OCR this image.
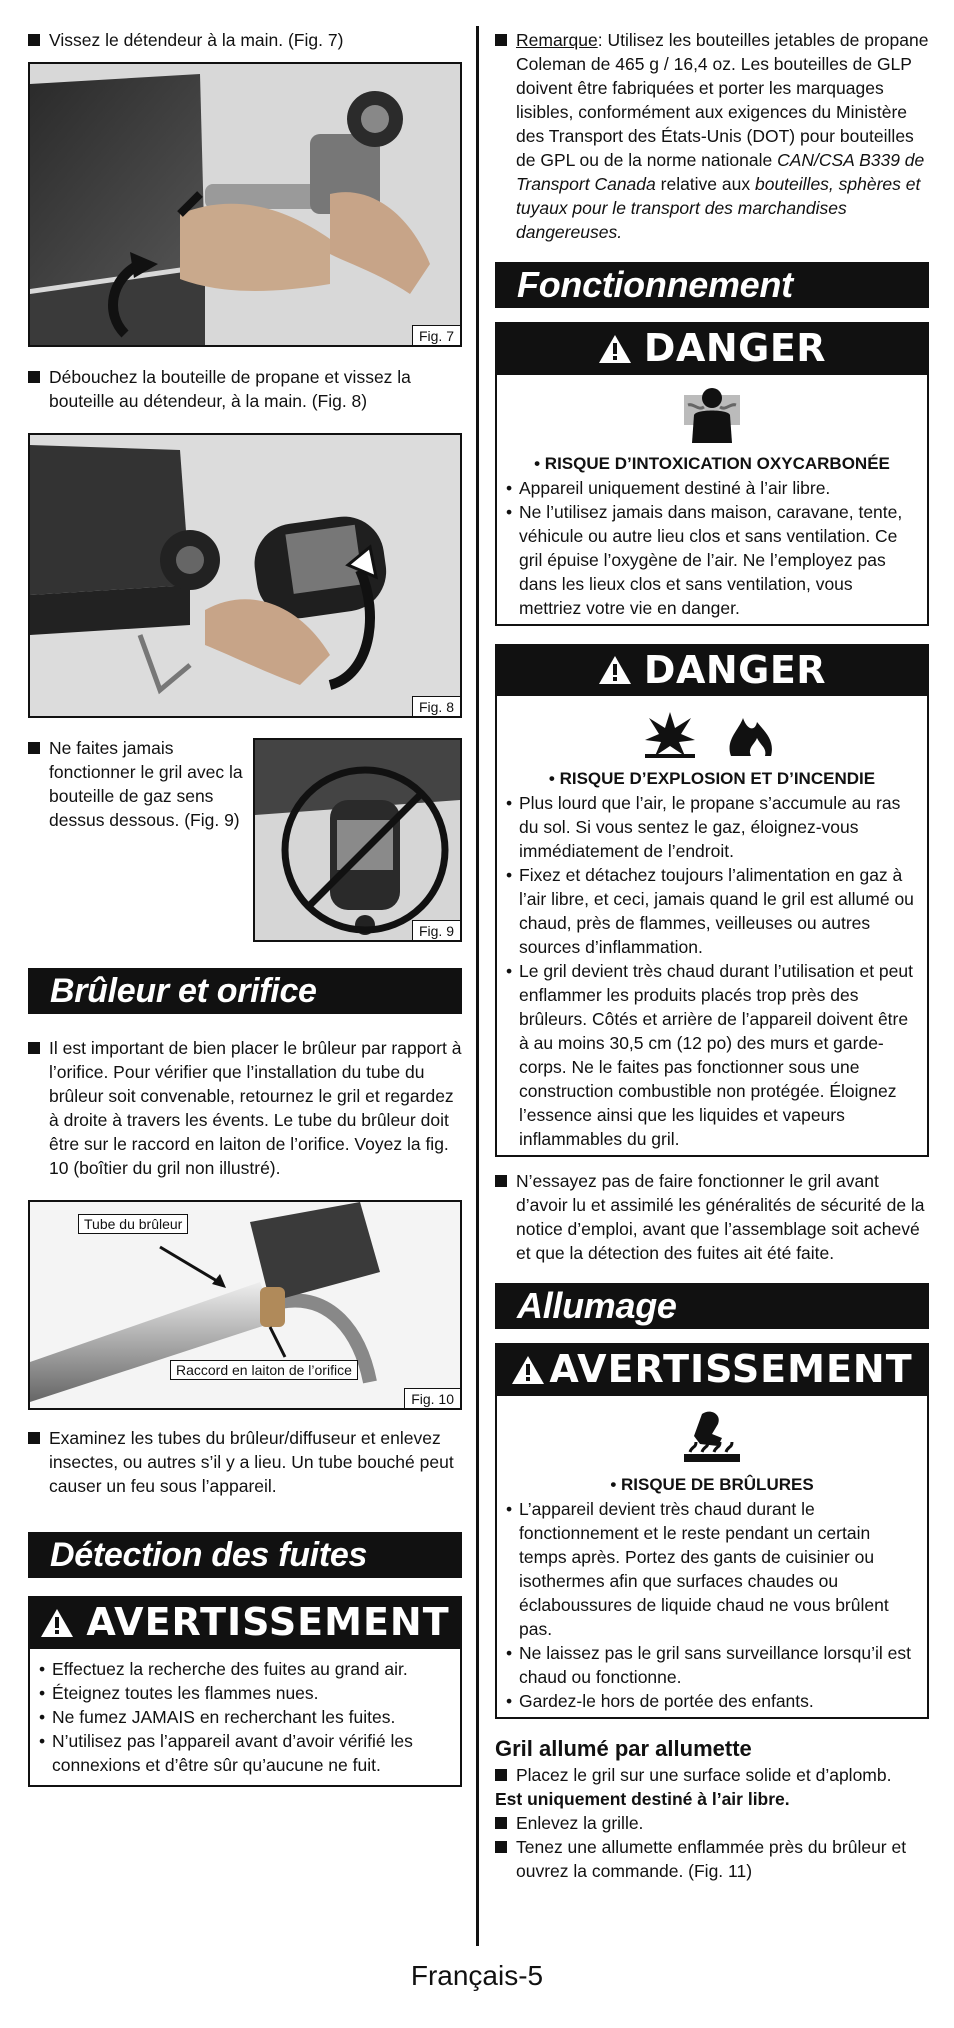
Vissez le détendeur à la main. (Fig. 7)

Fig. 7

Débouchez la bouteille de propane et vissez la bouteille au détendeur, à la main. (Fig. 8)

Fig. 8

Ne faites jamais fonctionner le gril avec la bouteille de gaz sens dessus dessous. (Fig. 9)

Fig. 9
Brûleur et orifice

Il est important de bien placer le brûleur par rapport à l’orifice. Pour vérifier que l’installation du tube du brûleur soit convenable, retournez le gril et regardez à droite à travers les évents. Le tube du brûleur doit être sur le raccord en laiton de l’orifice. Voyez la fig. 10 (boîtier du gril non illustré).

Tube du brûleur
Raccord en laiton de l’orifice
Fig. 10

Examinez les tubes du brûleur/diffuseur et enlevez insectes, ou autres s’il y a lieu. Un tube bouché peut causer un feu sous l’appareil.

Détection des fuites
AVERTISSEMENT
• Effectuez la recherche des fuites au grand air.
• Éteignez toutes les flammes nues.
• Ne fumez JAMAIS en recherchant les fuites.
• N’utilisez pas l’appareil avant d’avoir vérifié les connexions et d’être sûr qu’aucune ne fuit.

Remarque: Utilisez les bouteilles jetables de propane Coleman de 465 g / 16,4 oz. Les bouteilles de GLP doivent être fabriquées et porter les marquages lisibles, conformément aux exigences du Ministère des Transport des États-Unis (DOT) pour bouteilles de GPL ou de la norme nationale CAN/CSA B339 de Transport Canada relative aux bouteilles, sphères et tuyaux pour le transport des marchandises dangereuses.

Fonctionnement
DANGER
• RISQUE D’INTOXICATION OXYCARBONÉE
• Appareil uniquement destiné à l’air libre.
• Ne l’utilisez jamais dans maison, caravane, tente, véhicule ou autre lieu clos et sans ventilation. Ce gril épuise l’oxygène de l’air. Ne l’employez pas dans les lieux clos et sans ventilation, vous mettriez votre vie en danger.
DANGER

• RISQUE D’EXPLOSION ET D’INCENDIE
• Plus lourd que l’air, le propane s’accumule au ras du sol. Si vous sentez le gaz, éloignez-vous immédiatement de l’endroit.
• Fixez et détachez toujours l’alimentation en gaz à l’air libre, et ceci, jamais quand le gril est allumé ou chaud, près de flammes, veilleuses ou autres sources d’inflammation.
• Le gril devient très chaud durant l’utilisation et peut enflammer les produits placés trop près des brûleurs. Côtés et arrière de l’appareil doivent être à au moins 30,5 cm (12 po) des murs et garde-corps. Ne le faites pas fonctionner sous une construction combustible non protégée. Éloignez l’essence ainsi que les liquides et vapeurs inflammables du gril.

N’essayez pas de faire fonctionner le gril avant d’avoir lu et assimilé les généralités de sécurité de la notice d’emploi, avant que l’assemblage soit achevé et que la détection des fuites ait été faite.

Allumage
AVERTISSEMENT
• RISQUE DE BRÛLURES
• L’appareil devient très chaud durant le fonctionnement et le reste pendant un certain temps après. Portez des gants de cuisinier ou isothermes afin que surfaces chaudes ou éclaboussures de liquide chaud ne vous brûlent pas.
• Ne laissez pas le gril sans surveillance lorsqu’il est chaud ou fonctionne.
• Gardez-le hors de portée des enfants.
Gril allumé par allumette

Placez le gril sur une surface solide et d’aplomb.

Est uniquement destiné à l’air libre.

Enlevez la grille.

Tenez une allumette enflammée près du brûleur et ouvrez la commande. (Fig. 11)

Français-5
